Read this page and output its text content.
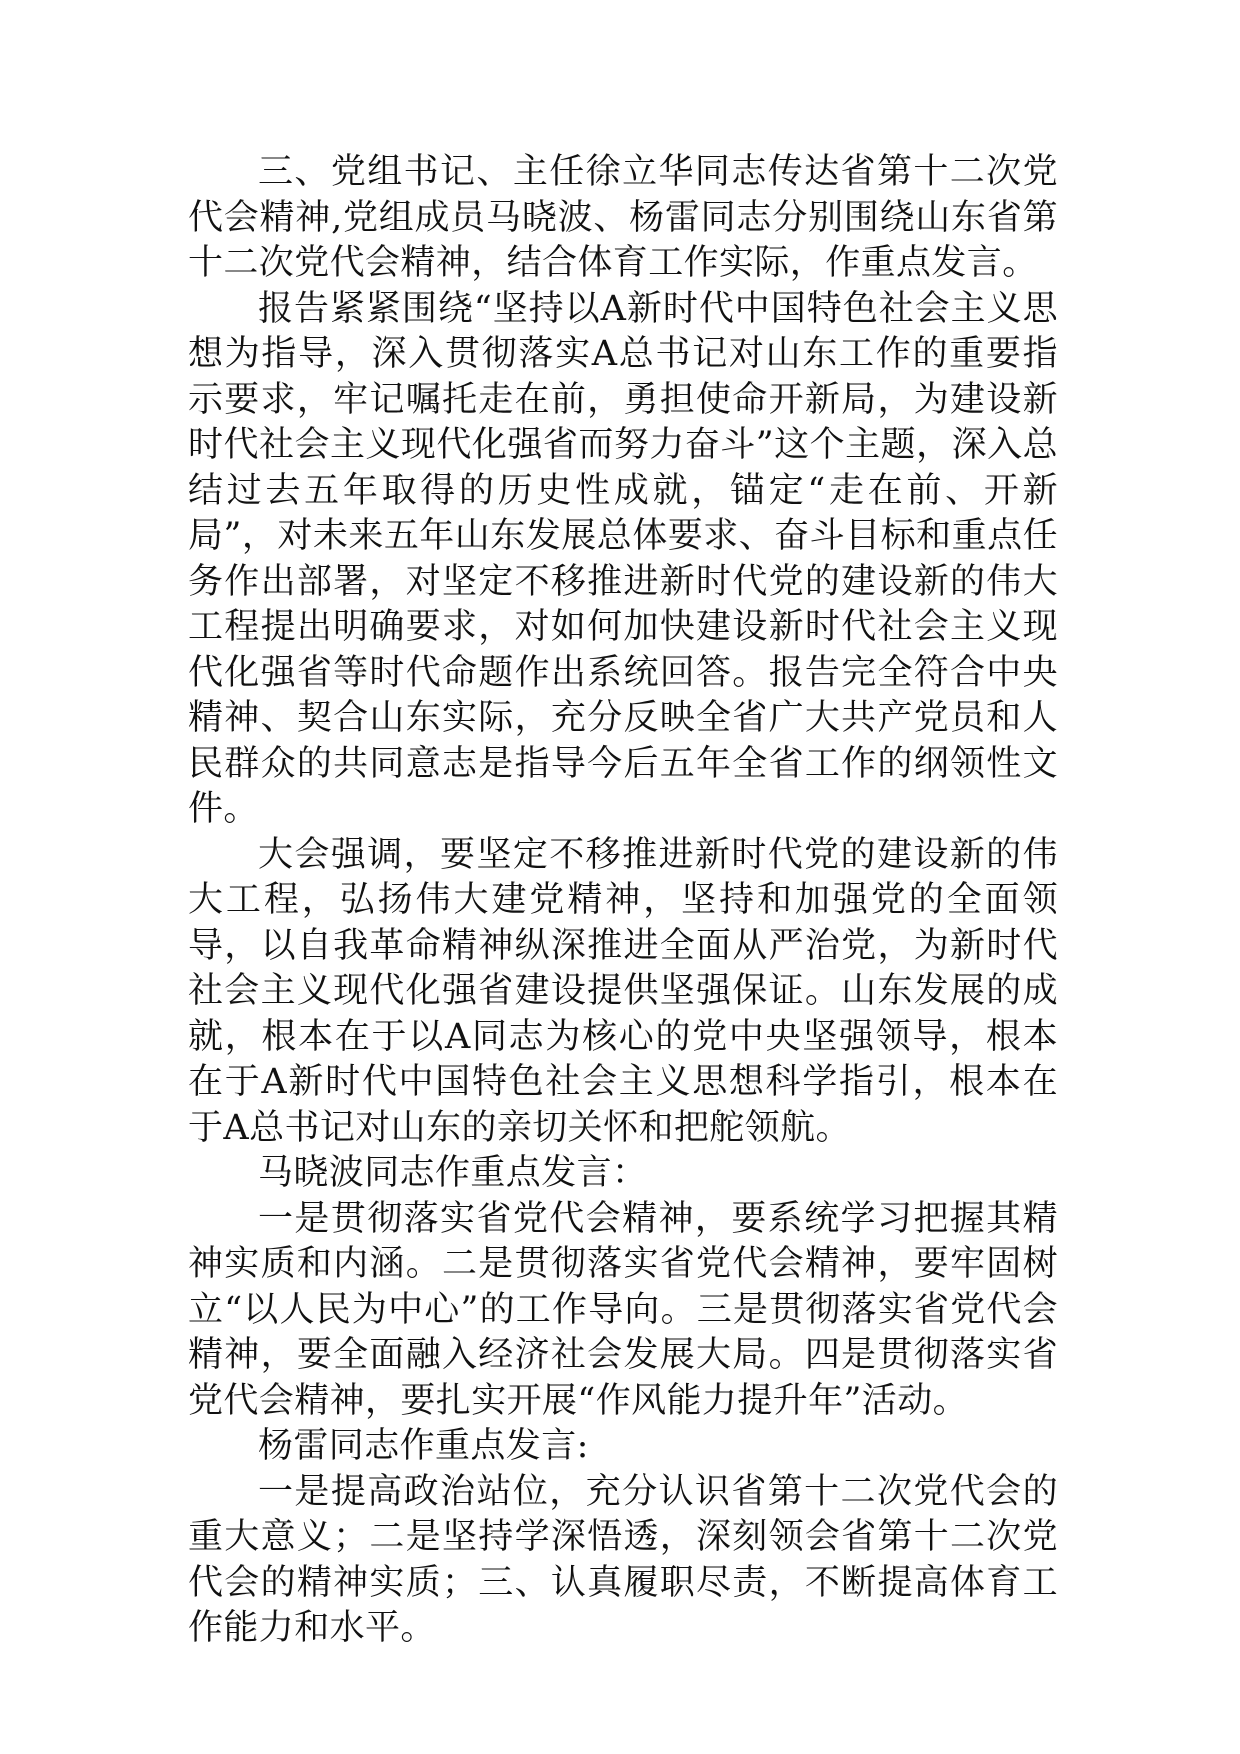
三、党组书记、主任徐立华同志传达省第十二次党代会精神,党组成员马晓波、杨雷同志分别围绕山东省第十二次党代会精神，结合体育工作实际，作重点发言。

报告紧紧围绕“坚持以A新时代中国特色社会主义思想为指导，深入贯彻落实A总书记对山东工作的重要指示要求，牢记嘱托走在前，勇担使命开新局，为建设新时代社会主义现代化强省而努力奋斗”这个主题，深入总结过去五年取得的历史性成就，锚定“走在前、开新局”，对未来五年山东发展总体要求、奋斗目标和重点任务作出部署，对坚定不移推进新时代党的建设新的伟大工程提出明确要求，对如何加快建设新时代社会主义现代化强省等时代命题作出系统回答。报告完全符合中央精神、契合山东实际，充分反映全省广大共产党员和人民群众的共同意志是指导今后五年全省工作的纲领性文件。

大会强调，要坚定不移推进新时代党的建设新的伟大工程，弘扬伟大建党精神，坚持和加强党的全面领导，以自我革命精神纵深推进全面从严治党，为新时代社会主义现代化强省建设提供坚强保证。山东发展的成就，根本在于以A同志为核心的党中央坚强领导，根本在于A新时代中国特色社会主义思想科学指引，根本在于A总书记对山东的亲切关怀和把舵领航。

马晓波同志作重点发言：

一是贯彻落实省党代会精神，要系统学习把握其精神实质和内涵。二是贯彻落实省党代会精神，要牢固树立“以人民为中心”的工作导向。三是贯彻落实省党代会精神，要全面融入经济社会发展大局。四是贯彻落实省党代会精神，要扎实开展“作风能力提升年”活动。

杨雷同志作重点发言:

一是提高政治站位，充分认识省第十二次党代会的重大意义；二是坚持学深悟透，深刻领会省第十二次党代会的精神实质；三、认真履职尽责，不断提高体育工作能力和水平。
